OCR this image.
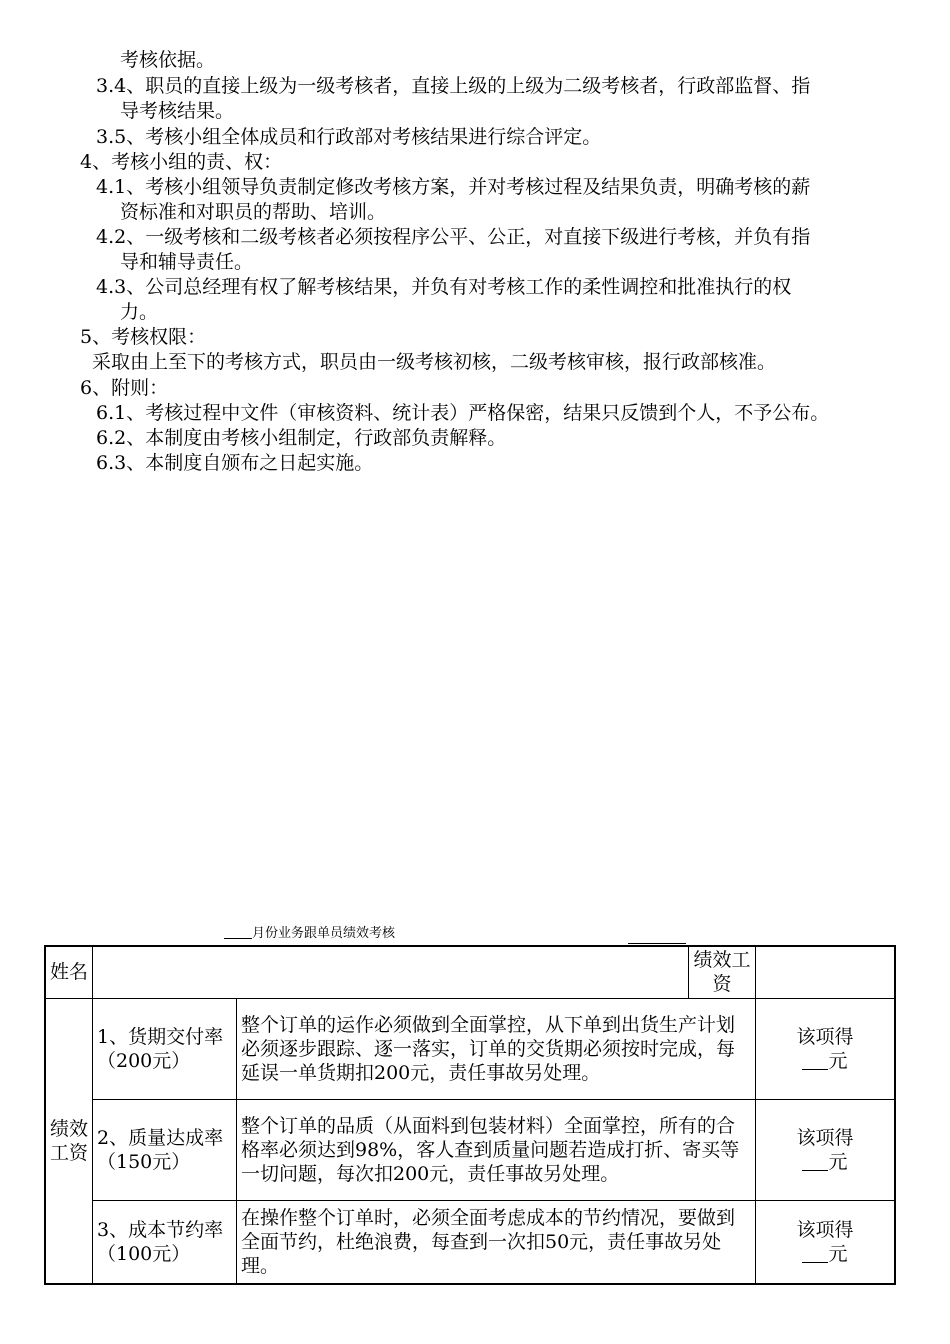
考核依据。
3.4、职员的直接上级为一级考核者，直接上级的上级为二级考核者，行政部监督、指
导考核结果。
3.5、考核小组全体成员和行政部对考核结果进行综合评定。
4、考核小组的责、权：
4.1、考核小组领导负责制定修改考核方案，并对考核过程及结果负责，明确考核的薪
资标准和对职员的帮助、培训。
4.2、一级考核和二级考核者必须按程序公平、公正，对直接下级进行考核，并负有指
导和辅导责任。
4.3、公司总经理有权了解考核结果，并负有对考核工作的柔性调控和批准执行的权
力。
5、考核权限：
采取由上至下的考核方式，职员由一级考核初核，二级考核审核，报行政部核准。
6、附则：
6.1、考核过程中文件（审核资料、统计表）严格保密，结果只反馈到个人，不予公布。
6.2、本制度由考核小组制定，行政部负责解释。
6.3、本制度自颁布之日起实施。
月份业务跟单员绩效考核
姓名			绩效工资	
绩效工资	1、货期交付率（200元）	整个订单的运作必须做到全面掌控，从下单到出货生产计划必须逐步跟踪、逐一落实，订单的交货期必须按时完成，每延误一单货期扣200元，责任事故另处理。		该项得
元

	2、质量达成率（150元）	整个订单的品质（从面料到包装材料）全面掌控，所有的合格率必须达到98%，客人查到质量问题若造成打折、寄买等一切问题，每次扣200元，责任事故另处理。		该项得
元

	3、成本节约率（100元）	在操作整个订单时，必须全面考虑成本的节约情况，要做到全面节约，杜绝浪费，每查到一次扣50元，责任事故另处理。		该项得
元
